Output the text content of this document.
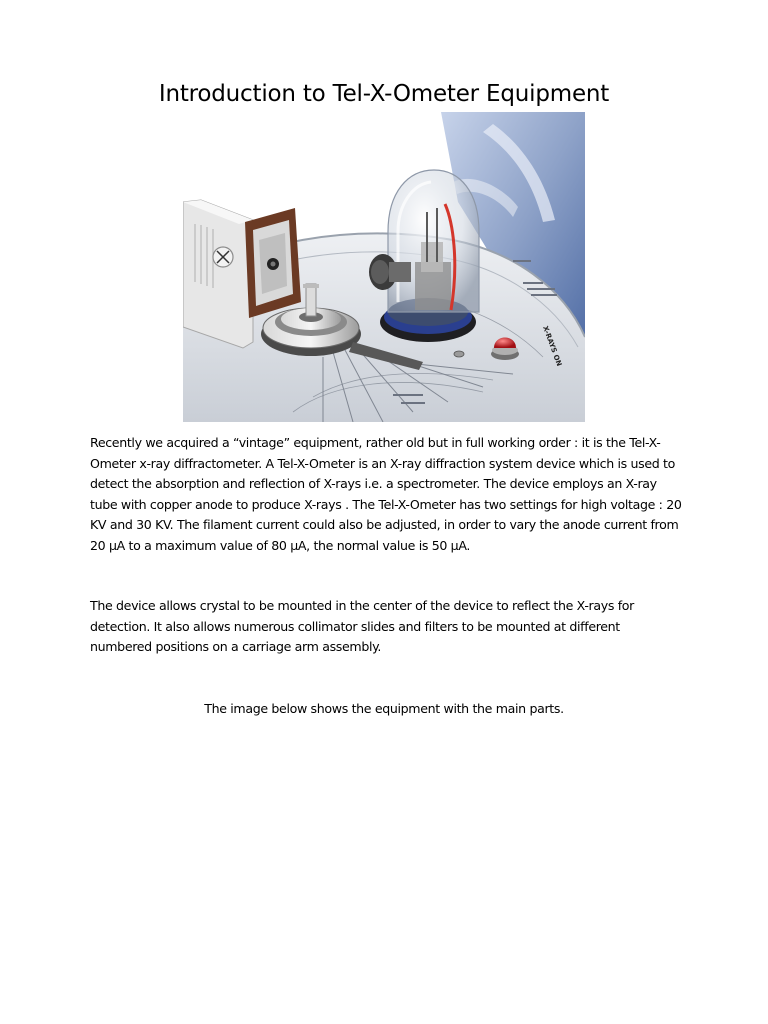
Introduction to Tel-X-Ometer Equipment
X-RAYS ON

Recently we acquired a “vintage” equipment, rather old but in full working order : it is the Tel-X-Ometer x-ray diffractometer. A Tel-X-Ometer is an X-ray diffraction system device which is used to detect the absorption and reflection of X-rays i.e. a spectrometer. The device employs an X-ray tube with copper anode to produce X-rays . The Tel-X-Ometer has two settings for high voltage : 20 KV and 30 KV. The filament current could also be adjusted, in order to vary the anode current from 20 µA to a maximum value of 80 µA, the normal value is 50 µA.

The device allows crystal to be mounted in the center of the device to reflect the X-rays for detection. It also allows numerous collimator slides and filters to be mounted at different numbered positions on a carriage arm assembly.

The image below shows the equipment with the main parts.
